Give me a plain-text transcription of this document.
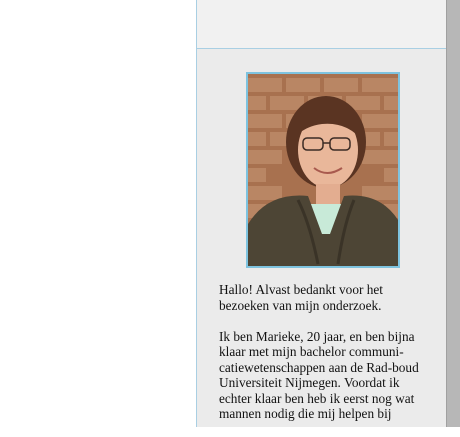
Hallo! Alvast bedankt voor het bezoeken van mijn onderzoek.

Ik ben Marieke, 20 jaar, en ben bijna klaar met mijn bachelor communi-catiewetenschappen aan de Rad-boud Universiteit Nijmegen. Voordat ik echter klaar ben heb ik eerst nog wat mannen nodig die mij helpen bij
